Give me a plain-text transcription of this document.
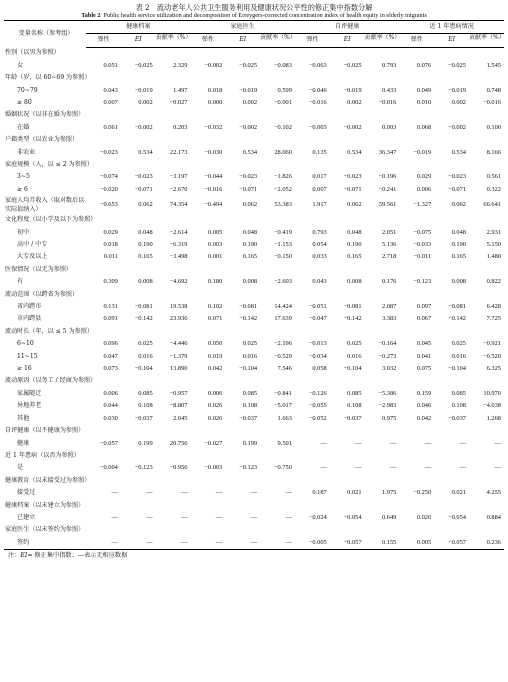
表 2　流动老年人公共卫生服务利用及健康状况公平性的修正集中指数分解
Table 2 Public health service utilization and decomposition of Erreygers-corrected concentration index of health equity in elderly migrants
变量名称（参考组）	健康档案			家庭医生			自评健康			近 1 年患病情况		
	弹性	EI	贡献率（%）	弹性	EI	贡献率（%）	弹性	EI	贡献率（%）	弹性	EI	贡献率（%）
性别（以男为参照）												
女	0.051	−0.025	2.329	−0.002	−0.025	−0.083	−0.063	−0.025	0.793	0.076	−0.025	1.545
年龄（岁，以 60~69 为参照）												
70~79	0.043	−0.019	1.497	0.018	−0.019	0.599	−0.046	−0.019	0.433	0.049	−0.019	0.748
≥ 80	0.007	0.002	−0.027	0.000	0.002	−0.001	−0.016	0.002	−0.016	0.010	0.002	−0.016
婚姻状况（以非在婚为参照）												
在婚	0.061	−0.002	0.203	−0.032	−0.002	−0.102	−0.003	−0.002	0.003	0.068	−0.002	0.100
户籍类型（以农业为参照）												
非农业	−0.023	0.534	22.173	−0.030	0.534	28.060	0.135	0.534	36.347	−0.019	0.534	8.166
家庭规模（人，以 ≤ 2 为参照）												
3~5	−0.074	−0.023	−3.197	−0.044	−0.023	−1.826	0.017	−0.023	−0.196	0.029	−0.023	0.561
≥ 6	−0.020	−0.071	−2.670	−0.016	−0.071	−2.052	0.007	−0.071	−0.241	0.006	−0.071	0.322
家庭人均月收入（取对数后以实际值纳入）	−0.653	0.062	74.354	−0.494	0.062	53.383	1.917	0.062	59.561	−1.327	0.062	66.641
文化程度（以小学及以下为参照）												
初中	0.029	0.048	−2.614	0.005	0.048	−0.419	0.793	0.048	2.051	−0.075	0.048	2.931
高中 / 中专	0.018	0.190	−6.319	0.003	0.190	−1.153	0.054	0.190	5.136	−0.033	0.190	5.150
大专及以上	0.011	0.165	−3.498	0.001	0.165	−0.150	0.033	0.165	2.718	−0.011	0.165	1.480
医保情况（以无为参照）												
有	0.309	0.008	−4.692	0.180	0.008	−2.603	0.043	0.008	0.176	−0.123	0.008	0.822
流动范围（以跨省为参照）												
省内跨市	0.131	−0.081	19.538	0.102	−0.081	14.424	−0.051	−0.081	2.087	0.097	−0.081	6.428
市内跨县	0.091	−0.142	23.936	0.071	−0.142	17.639	−0.047	−0.142	3.383	0.067	−0.142	7.725
流动时长（年，以 ≤ 5 为参照）												
6~10	0.096	0.025	−4.446	0.050	0.025	−2.196	−0.013	0.025	−0.164	0.045	0.025	−0.921
11~15	0.047	0.016	−1.379	0.019	0.016	−0.529	−0.034	0.016	−0.273	0.041	0.016	−0.520
≥ 16	0.073	−0.104	13.890	0.042	−0.104	7.546	0.058	−0.104	3.032	0.075	−0.104	6.325
流动原因（以务工 / 经商为参照）												
家属随迁	0.006	0.085	−0.957	0.006	0.085	−0.841	−0.126	0.085	−5.386	0.159	0.085	10.970
异地养老	0.044	0.108	−8.807	0.026	0.108	−5.017	−0.055	0.108	−2.983	0.046	0.108	−4.038
其他	0.030	−0.037	2.045	0.026	−0.037	1.663	−0.052	−0.037	0.975	0.042	−0.037	1.268
自评健康（以不健康为参照）												
健康	−0.057	0.199	20.756	−0.027	0.199	9.501	—	—	—	—	—	—
近 1 年患病（以否为参照）												
是	−0.004	−0.123	−0.956	−0.003	−0.123	−0.750	—	—	—	—	—	—
健康教育（以未接受过为参照）												
接受过	—	—	—	—	—	—	0.187	0.021	1.975	−0.250	0.021	4.255
健康档案（以未建立为参照）												
已建立	—	—	—	—	—	—	−0.024	−0.054	0.649	0.020	−0.054	0.884
家庭医生（以未签约为参照）												
签约	—	—	—	—	—	—	−0.005	−0.057	0.155	0.005	−0.057	0.236
注：EI= 修正集中指数；—表示无相应数据
